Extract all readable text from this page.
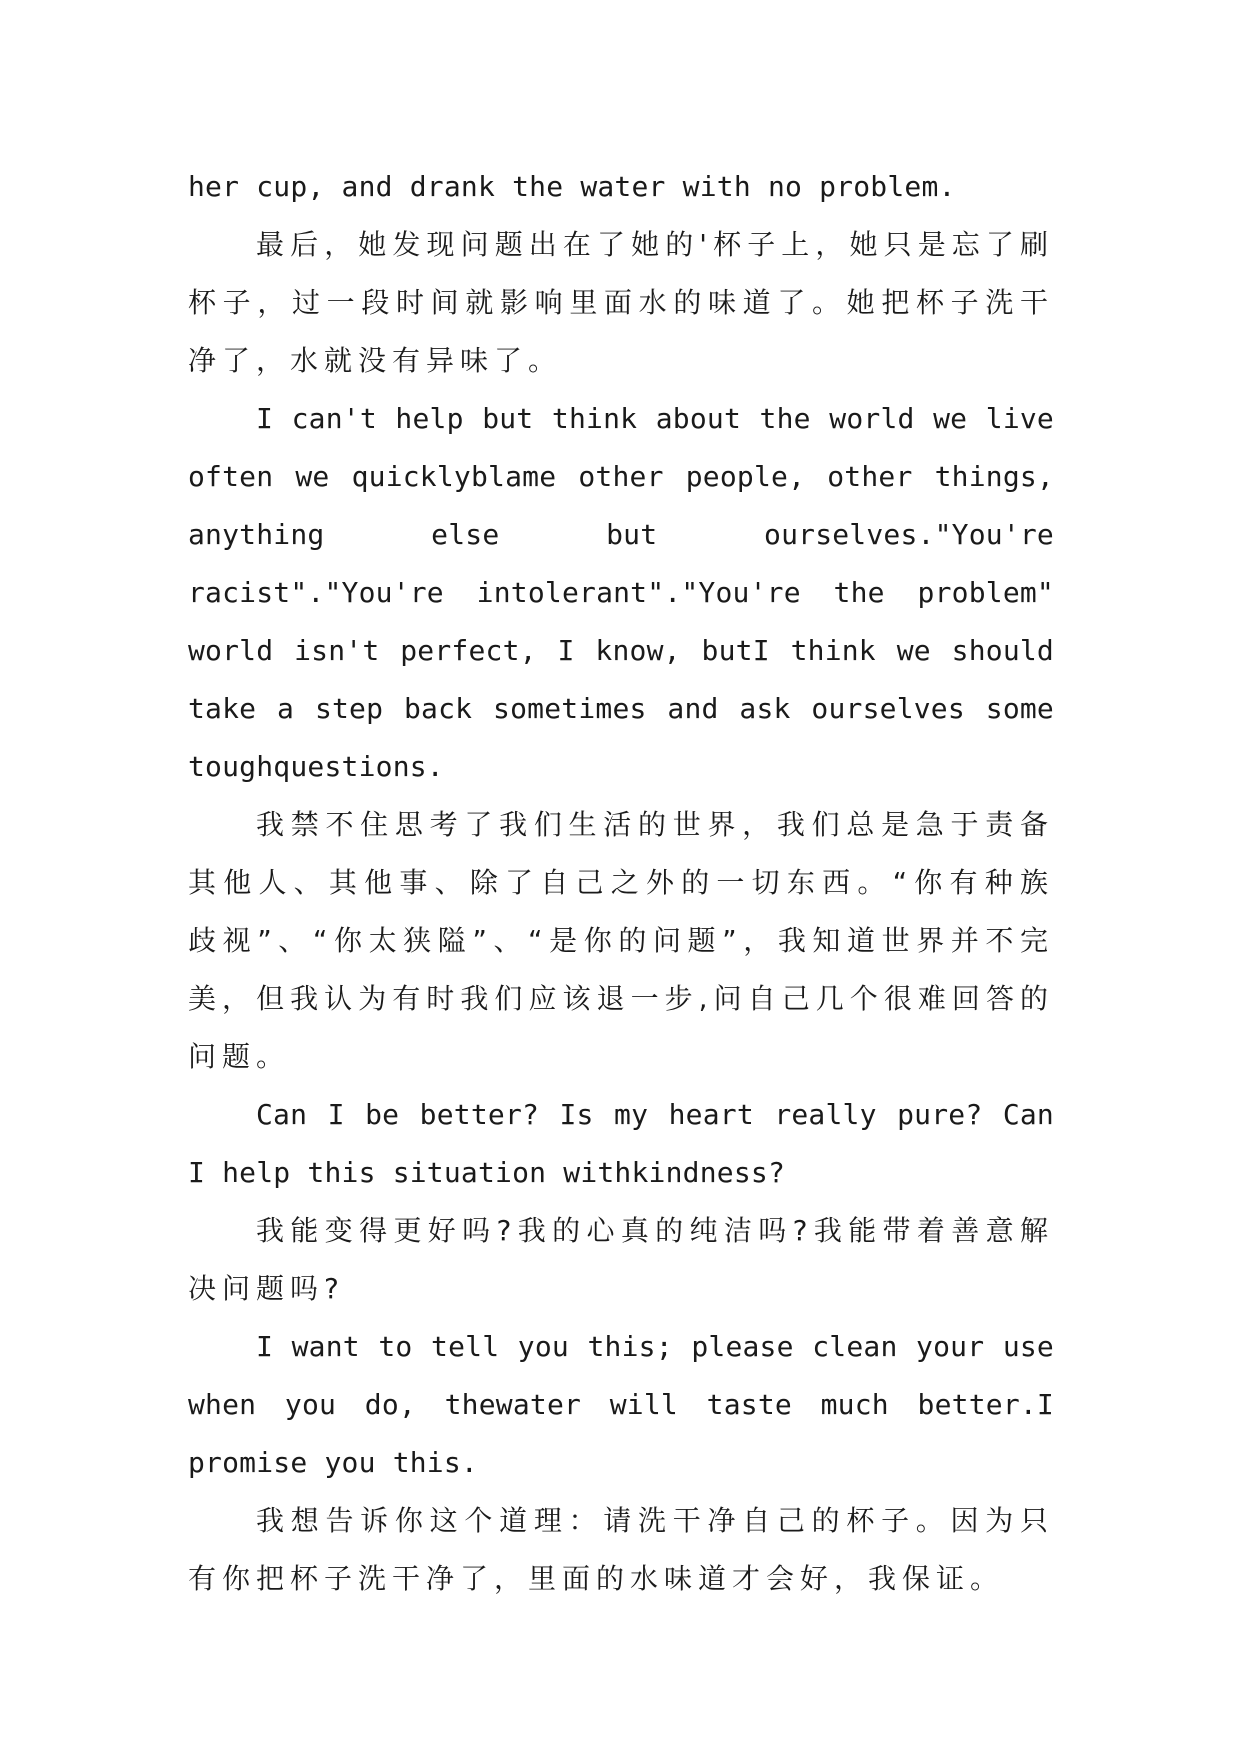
her cup, and drank the water with no problem.

最后，她发现问题出在了她的'杯子上，她只是忘了刷杯子，过一段时间就影响里面水的味道了。她把杯子洗干净了，水就没有异味了。

I can't help but think about the world we live often we quicklyblame other people, other things, anything else but ourselves."You're racist"."You're intolerant"."You're the problem" world isn't perfect, I know, butI think we should take a step back sometimes and ask ourselves some toughquestions.

我禁不住思考了我们生活的世界，我们总是急于责备其他人、其他事、除了自己之外的一切东西。“你有种族歧视”、“你太狭隘”、“是你的问题”，我知道世界并不完美，但我认为有时我们应该退一步,问自己几个很难回答的问题。

Can I be better? Is my heart really pure? Can I help this situation withkindness?

我能变得更好吗?我的心真的纯洁吗?我能带着善意解决问题吗?

I want to tell you this; please clean your use when you do, thewater will taste much better.I promise you this.

我想告诉你这个道理：请洗干净自己的杯子。因为只有你把杯子洗干净了，里面的水味道才会好，我保证。
